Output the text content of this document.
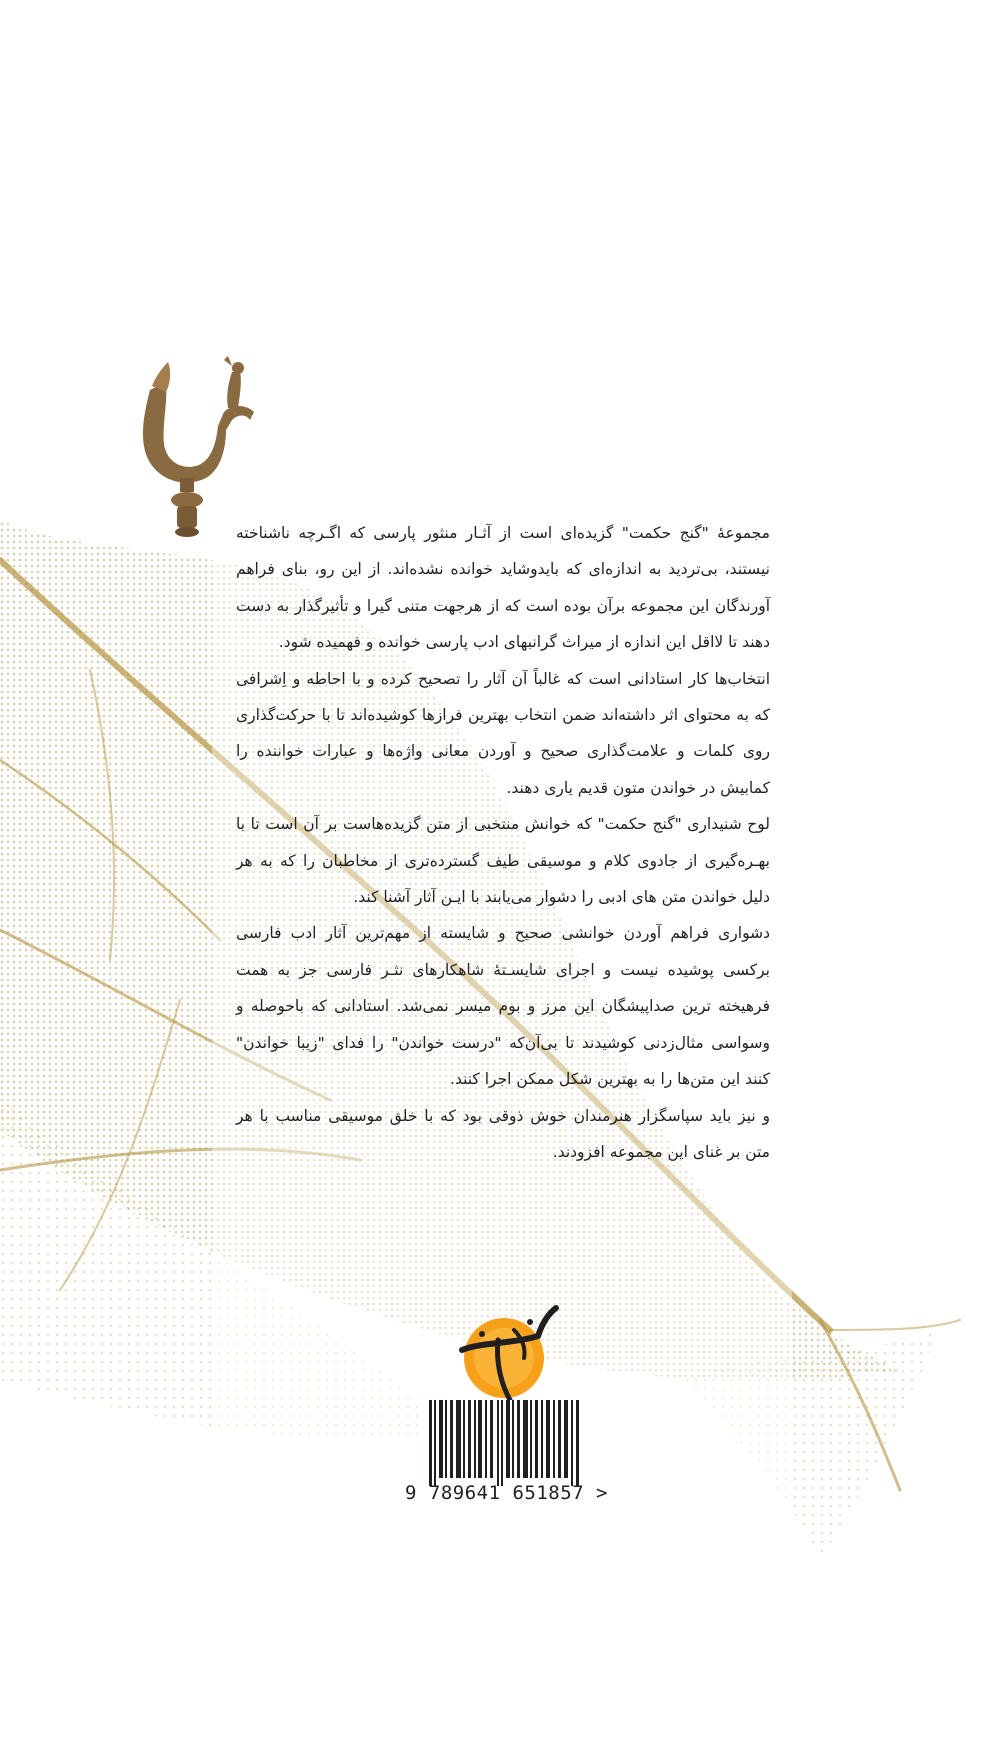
مجموعهٔ "گنج حکمت" گزیده‌ای است از آثـار منثور پارسی که اگـرچه ناشناخته نیستند، بی‌تردید به اندازه‌ای که باید‌و‌شاید خوانده نشده‌اند. از این رو، بنای فراهم آورندگان این مجموعه برآن بوده است که از هرجهت متنی گیرا و تأثیرگذار به دست دهند تا لااقل این اندازه از میراث گرانبهای ادب پارسی خوانده و فهمیده شود.

انتخاب‌ها کار استادانی است که غالباً آن آثار را تصحیح کرده و با احاطه و اِشرافی که به محتوای اثر داشته‌اند ضمن انتخاب بهترین فرازها کوشیده‌اند تا با حرکت‌گذاری روی کلمات و علامت‌گذاری صحیح و آوردن معانی واژه‌ها و عبارات خواننده را کمابیش در خواندن متون قدیم یاری دهند.

لوح شنیداری "گنج حکمت" که خوانش منتخبی از متن گزیده‌هاست بر آن است تا با بهـره‌گیری از جادوی کلام و موسیقی طیف گسترده‌تری از مخاطبان را که به هر دلیل خواندن متن های ادبی را دشوار می‌یابند با ایـن آثار آشنا کند.

دشواری فراهم آوردن خوانشی صحیح و شایسته از مهم‌ترین آثار ادب فارسی برکسی پوشیده نیست و اجرای شایسـتهٔ شاهکارهای نثـر فارسی جز به همت فرهیخته ترین صداپیشگان این مرز و بوم میسر نمی‌شد. استادانی که با‌حوصله و وسواسی مثال‌زدنی کوشیدند تا بی‌آن‌که "درست خواندن" را فدای "زیبا خواندن" کنند این متن‌ها را به بهترین شکل ممکن اجرا کنند.

و نیز باید سپاسگزار هنرمندان خوش ذوقی بود که با خلق موسیقی مناسب با هر متن بر غنای این مجموعه افزودند.

9 789641 651857 >
